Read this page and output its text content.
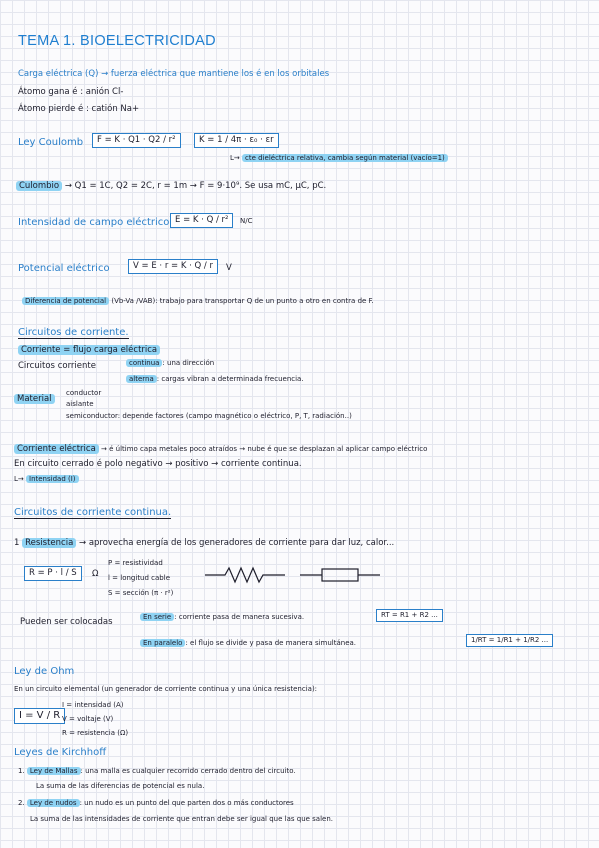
TEMA 1. BIOELECTRICIDAD
Carga eléctrica (Q) → fuerza eléctrica que mantiene los é en los orbitales
Átomo gana é : anión Cl-
Átomo pierde é : catión Na+
Ley Coulomb	F = K · Q1 · Q2 / r²	K = 1 / 4π · ε₀ · εr
L→ cte dieléctrica relativa, cambia según material (vacío=1)
Culombio → Q1 = 1C, Q2 = 2C, r = 1m → F = 9·10⁹. Se usa mC, µC, pC.
Intensidad de campo eléctrico E = K · Q / r²	N/C
Potencial eléctrico	V = E · r = K · Q / r	V
Diferencia de potencial (Vb-Va /VAB): trabajo para transportar Q de un punto a otro en contra de F.
Circuitos de corriente.
Corriente = flujo carga eléctrica
Circuitos corriente	continua : una dirección
alterna : cargas vibran a determinada frecuencia.
Material
conductor
aislante
semiconductor: depende factores (campo magnético o eléctrico, P, T, radiación..)
Corriente eléctrica → é último capa metales poco atraídos → nube é que se desplazan al aplicar campo eléctrico
En circuito cerrado é polo negativo → positivo → corriente continua.
L→ Intensidad (I)
Circuitos de corriente continua.
1 Resistencia → aprovecha energía de los generadores de corriente para dar luz, calor...
R = P · l / S	Ω
P = resistividad
l = longitud cable
S = sección (π · r²)
Pueden ser colocadas	En serie : corriente pasa de manera sucesiva.	RT = R1 + R2 ...
En paralelo : el flujo se divide y pasa de manera simultánea.	1/RT = 1/R1 + 1/R2 ...
Ley de Ohm
En un circuito elemental (un generador de corriente continua y una única resistencia):
I = V / R
I = intensidad (A)
V = voltaje (V)
R = resistencia (Ω)
Leyes de Kirchhoff
1. Ley de Mallas : una malla es cualquier recorrido cerrado dentro del circuito.
La suma de las diferencias de potencial es nula.
2. Ley de nudos : un nudo es un punto del que parten dos o más conductores
La suma de las intensidades de corriente que entran debe ser igual que las que salen.
